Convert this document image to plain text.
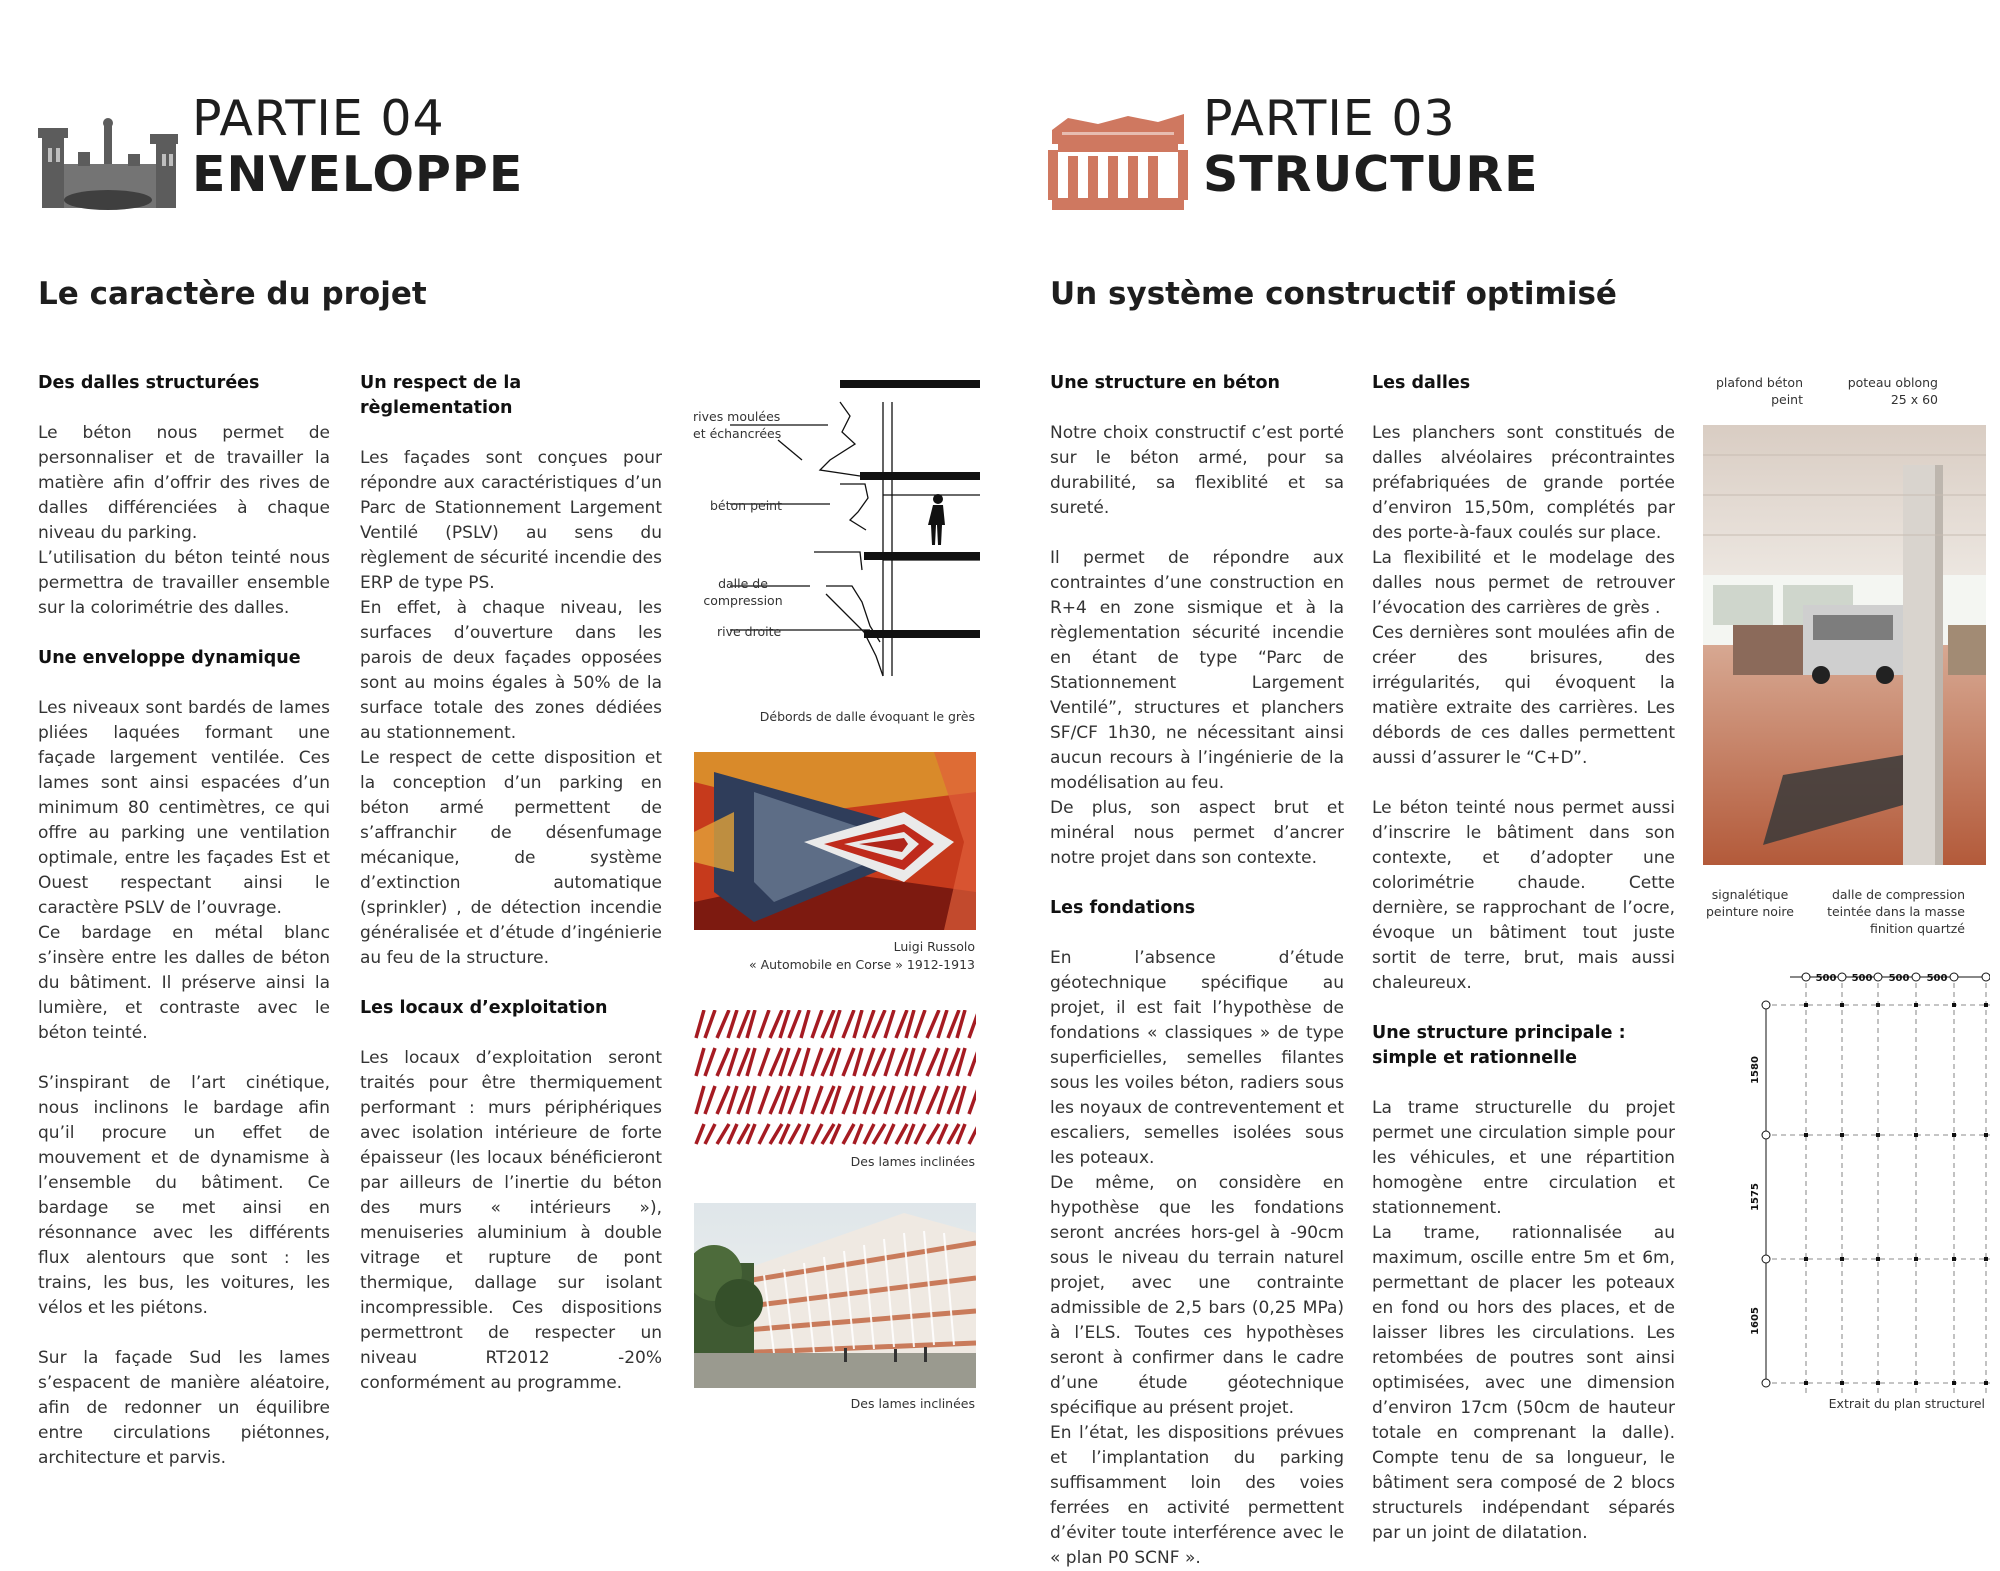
PARTIE 04
ENVELOPPE
Le caractère du projet
Des dalles structurées

Le béton nous permet de personnaliser et de travailler la matière afin d’offrir des rives de dalles différenciées à chaque niveau du parking.

L’utilisation du béton teinté nous permettra de travailler ensemble sur la colorimétrie des dalles.

Une enveloppe dynamique

Les niveaux sont bardés de lames pliées laquées formant une façade largement ventilée. Ces lames sont ainsi espacées d’un minimum 80 centimètres, ce qui offre au parking une ventilation optimale, entre les façades Est et Ouest respectant ainsi le caractère PSLV de l’ouvrage.

Ce bardage en métal blanc s’insère entre les dalles de béton du bâtiment. Il préserve ainsi la lumière, et contraste avec le béton teinté.

S’inspirant de l’art cinétique, nous inclinons le bardage afin qu’il procure un effet de mouvement et de dynamisme à l’ensemble du bâtiment. Ce bardage se met ainsi en résonnance avec les différents flux alentours que sont : les trains, les bus, les voitures, les vélos et les piétons.

Sur la façade Sud les lames s’espacent de manière aléatoire, afin de redonner un équilibre entre circulations piétonnes, architecture et parvis.

Un respect de la règlementation

Les façades sont conçues pour répondre aux caractéristiques d’un Parc de Stationnement Largement Ventilé (PSLV) au sens du règlement de sécurité incendie des ERP de type PS.

En effet, à chaque niveau, les surfaces d’ouverture dans les parois de deux façades opposées sont au moins égales à 50% de la surface totale des zones dédiées au stationnement.

Le respect de cette disposition et la conception d’un parking en béton armé permettent de s’affranchir de désenfumage mécanique, de système d’extinction automatique (sprinkler) , de détection incendie généralisée et d’étude d’ingénierie au feu de la structure.

Les locaux d’exploitation

Les locaux d’exploitation seront traités pour être thermiquement performant : murs périphériques avec isolation intérieure de forte épaisseur (les locaux bénéficieront par ailleurs de l’inertie du béton des murs « intérieurs »), menuiseries aluminium à double vitrage et rupture de pont thermique, dallage sur isolant incompressible. Ces dispositions permettront de respecter un niveau RT2012 -20% conformément au programme.

rives moulées et échancrées
béton peint
dalle de compression
rive droite
Débords de dalle évoquant le grès
Luigi Russolo
« Automobile en Corse » 1912-1913
Des lames inclinées
Des lames inclinées
PARTIE 03
STRUCTURE
Un système constructif optimisé
Une structure en béton

Notre choix constructif c’est porté sur le béton armé, pour sa durabilité, sa flexiblité et sa sureté.

Il permet de répondre aux contraintes d’une construction en R+4 en zone sismique et à la règlementation sécurité incendie en étant de type “Parc de Stationnement Largement Ventilé”, structures et planchers SF/CF 1h30, ne nécessitant ainsi aucun recours à l’ingénierie de la modélisation au feu.

De plus, son aspect brut et minéral nous permet d’ancrer notre projet dans son contexte.

Les fondations

En l’absence d’étude géotechnique spécifique au projet, il est fait l’hypothèse de fondations « classiques » de type superficielles, semelles filantes sous les voiles béton, radiers sous les noyaux de contreventement et escaliers, semelles isolées sous les poteaux.

De même, on considère en hypothèse que les fondations seront ancrées hors-gel à -90cm sous le niveau du terrain naturel projet, avec une contrainte admissible de 2,5 bars (0,25 MPa) à l’ELS. Toutes ces hypothèses seront à confirmer dans le cadre d’une étude géotechnique spécifique au présent projet.

En l’état, les dispositions prévues et l’implantation du parking suffisamment loin des voies ferrées en activité permettent d’éviter toute interférence avec le « plan P0 SCNF ».

Les dalles

Les planchers sont constitués de dalles alvéolaires précontraintes préfabriquées de grande portée d’environ 15,50m, complétés par des porte-à-faux coulés sur place.

La flexibilité et le modelage des dalles nous permet de retrouver l’évocation des carrières de grès .

Ces dernières sont moulées afin de créer des brisures, des irrégularités, qui évoquent la matière extraite des carrières. Les débords de ces dalles permettent aussi d’assurer le “C+D”.

Le béton teinté nous permet aussi d’inscrire le bâtiment dans son contexte, et d’adopter une colorimétrie chaude. Cette dernière, se rapprochant de l’ocre, évoque un bâtiment tout juste sortit de terre, brut, mais aussi chaleureux.

Une structure principale : simple et rationnelle

La trame structurelle du projet permet une circulation simple pour les véhicules, et une répartition homogène entre circulation et stationnement.

La trame, rationnalisée au maximum, oscille entre 5m et 6m, permettant de placer les poteaux en fond ou hors des places, et de laisser libres les circulations. Les retombées de poutres sont ainsi optimisées, avec une dimension d’environ 17cm (50cm de hauteur totale en comprenant la dalle). Compte tenu de sa longueur, le bâtiment sera composé de 2 blocs structurels indépendant séparés par un joint de dilatation.

plafond béton peint
poteau oblong 25 x 60
signalétique peinture noire
dalle de compression teintée dans la masse finition quartzé
500 500 500 500
1580
1575
1605
Extrait du plan structurel
